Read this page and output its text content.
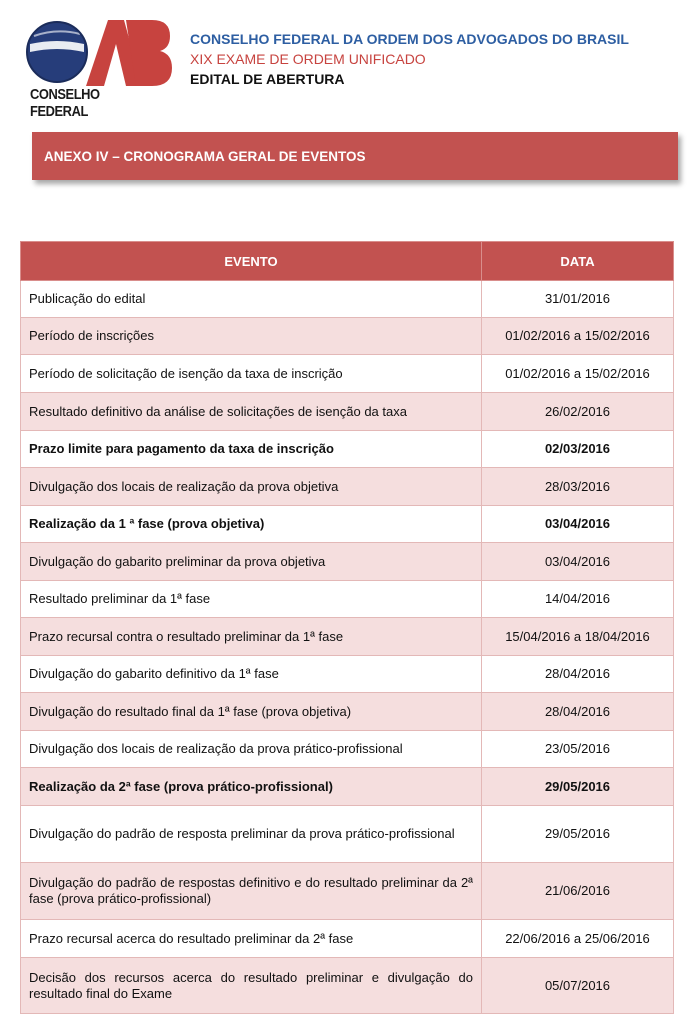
CONSELHO FEDERAL
CONSELHO FEDERAL DA ORDEM DOS ADVOGADOS DO BRASIL
XIX EXAME DE ORDEM UNIFICADO
EDITAL DE ABERTURA
ANEXO IV – CRONOGRAMA GERAL DE EVENTOS
EVENTO	DATA
Publicação do edital	31/01/2016
Período de inscrições	01/02/2016 a 15/02/2016
Período de solicitação de isenção da taxa de inscrição	01/02/2016 a 15/02/2016
Resultado definitivo da análise de solicitações de isenção da taxa	26/02/2016
Prazo limite para pagamento da taxa de inscrição	02/03/2016
Divulgação dos locais de realização da prova objetiva	28/03/2016
Realização da 1 ª fase (prova objetiva)	03/04/2016
Divulgação do gabarito preliminar da prova objetiva	03/04/2016
Resultado preliminar da 1ª fase	14/04/2016
Prazo recursal contra o resultado preliminar da 1ª fase	15/04/2016 a 18/04/2016
Divulgação do gabarito definitivo da 1ª fase	28/04/2016
Divulgação do resultado final da 1ª fase (prova objetiva)	28/04/2016
Divulgação dos locais de realização da prova prático-profissional	23/05/2016
Realização da 2ª fase (prova prático-profissional)	29/05/2016
Divulgação do padrão de resposta preliminar da prova prático-profissional	29/05/2016
Divulgação do padrão de respostas definitivo e do resultado preliminar da 2ª fase (prova prático-profissional)	21/06/2016
Prazo recursal acerca do resultado preliminar da 2ª fase	22/06/2016 a 25/06/2016
Decisão dos recursos acerca do resultado preliminar e divulgação do resultado final do Exame	05/07/2016
